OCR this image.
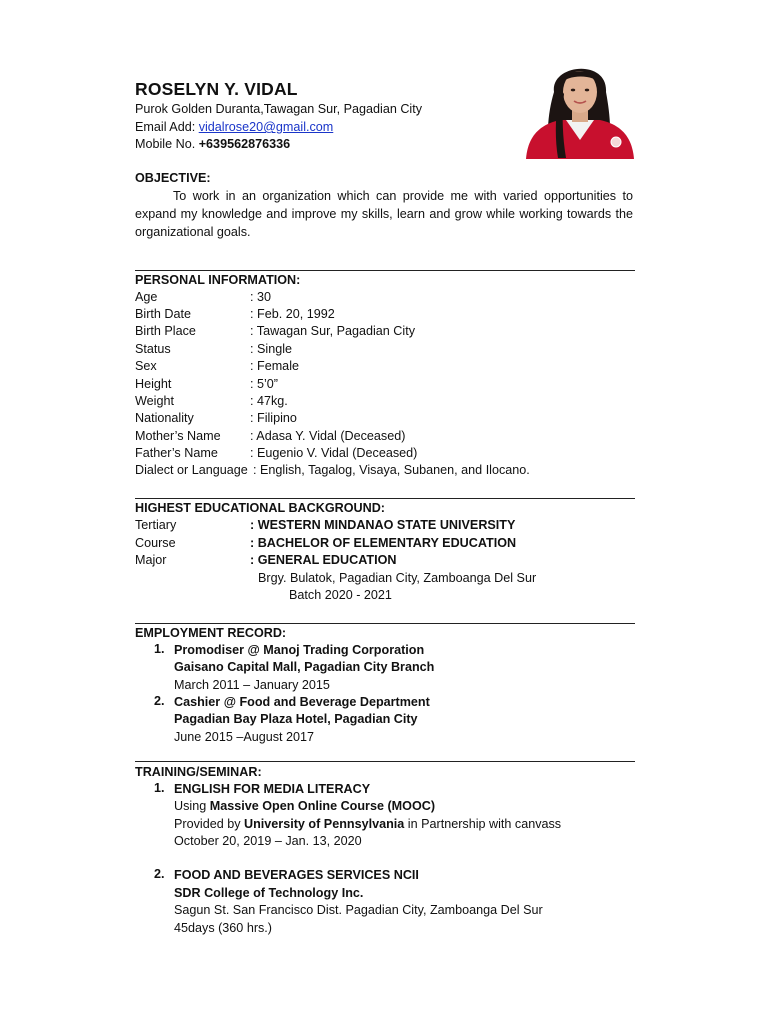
ROSELYN Y. VIDAL
Purok Golden Duranta,Tawagan Sur, Pagadian City
Email Add: vidalrose20@gmail.com
Mobile No. +639562876336
OBJECTIVE:
To work in an organization which can provide me with varied opportunities to expand my knowledge and improve my skills, learn and grow while working towards the organizational goals.
PERSONAL INFORMATION:
Age	: 30
Birth Date	: Feb. 20, 1992
Birth Place	: Tawagan Sur, Pagadian City
Status	: Single
Sex	: Female
Height	: 5’0”
Weight	: 47kg.
Nationality	: Filipino
Mother’s Name : Adasa Y. Vidal (Deceased)
Father’s Name	: Eugenio V. Vidal (Deceased)
Dialect or Language : English, Tagalog, Visaya, Subanen, and Ilocano.
HIGHEST EDUCATIONAL BACKGROUND:
Tertiary	: WESTERN MINDANAO STATE UNIVERSITY
Course	: BACHELOR OF ELEMENTARY EDUCATION
Major	: GENERAL EDUCATION
Brgy. Bulatok, Pagadian City, Zamboanga Del Sur
Batch 2020 - 2021
EMPLOYMENT RECORD:
1. Promodiser @ Manoj Trading Corporation
Gaisano Capital Mall, Pagadian City Branch
March 2011 – January 2015
2. Cashier @ Food and Beverage Department
Pagadian Bay Plaza Hotel, Pagadian City
June 2015 –August 2017
TRAINING/SEMINAR:
1. ENGLISH FOR MEDIA LITERACY
Using Massive Open Online Course (MOOC)
Provided by University of Pennsylvania in Partnership with canvass
October 20, 2019 – Jan. 13, 2020
2. FOOD AND BEVERAGES SERVICES NCII
SDR College of Technology Inc.
Sagun St. San Francisco Dist. Pagadian City, Zamboanga Del Sur
45days (360 hrs.)
